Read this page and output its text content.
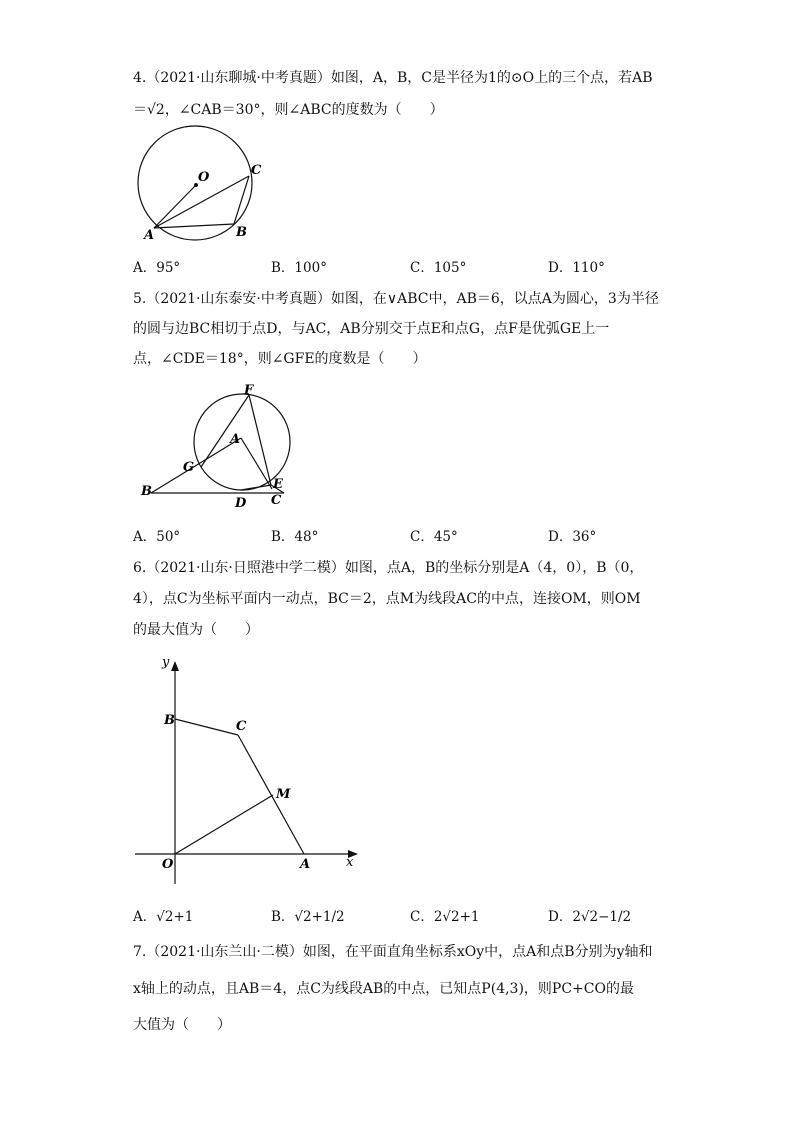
4.（2021·山东聊城·中考真题）如图，A，B，C是半径为1的⊙O上的三个点，若AB
＝√2，∠CAB＝30°，则∠ABC的度数为（　　）
O
A	B
C
A．95°	B．100°	C．105°	D．110°
5.（2021·山东泰安·中考真题）如图，在∨ABC中，AB＝6，以点A为圆心，3为半径
的圆与边BC相切于点D，与AC，AB分别交于点E和点G，点F是优弧GE上一
点，∠CDE＝18°，则∠GFE的度数是（　　）
F
A
G
B
D
E
C
A．50°	B．48°	C．45°	D．36°
6.（2021·山东·日照港中学二模）如图，点A，B的坐标分别是A（4，0），B（0，
4），点C为坐标平面内一动点，BC＝2，点M为线段AC的中点，连接OM，则OM
的最大值为（　　）
y
x
O	A
B	C
M
A．√2+1	B．√2+1/2	C．2√2+1	D．2√2−1/2
7.（2021·山东兰山·二模）如图，在平面直角坐标系xOy中，点A和点B分别为y轴和
x轴上的动点，且AB＝4，点C为线段AB的中点，已知点P(4,3)，则PC+CO的最
大值为（　　）
